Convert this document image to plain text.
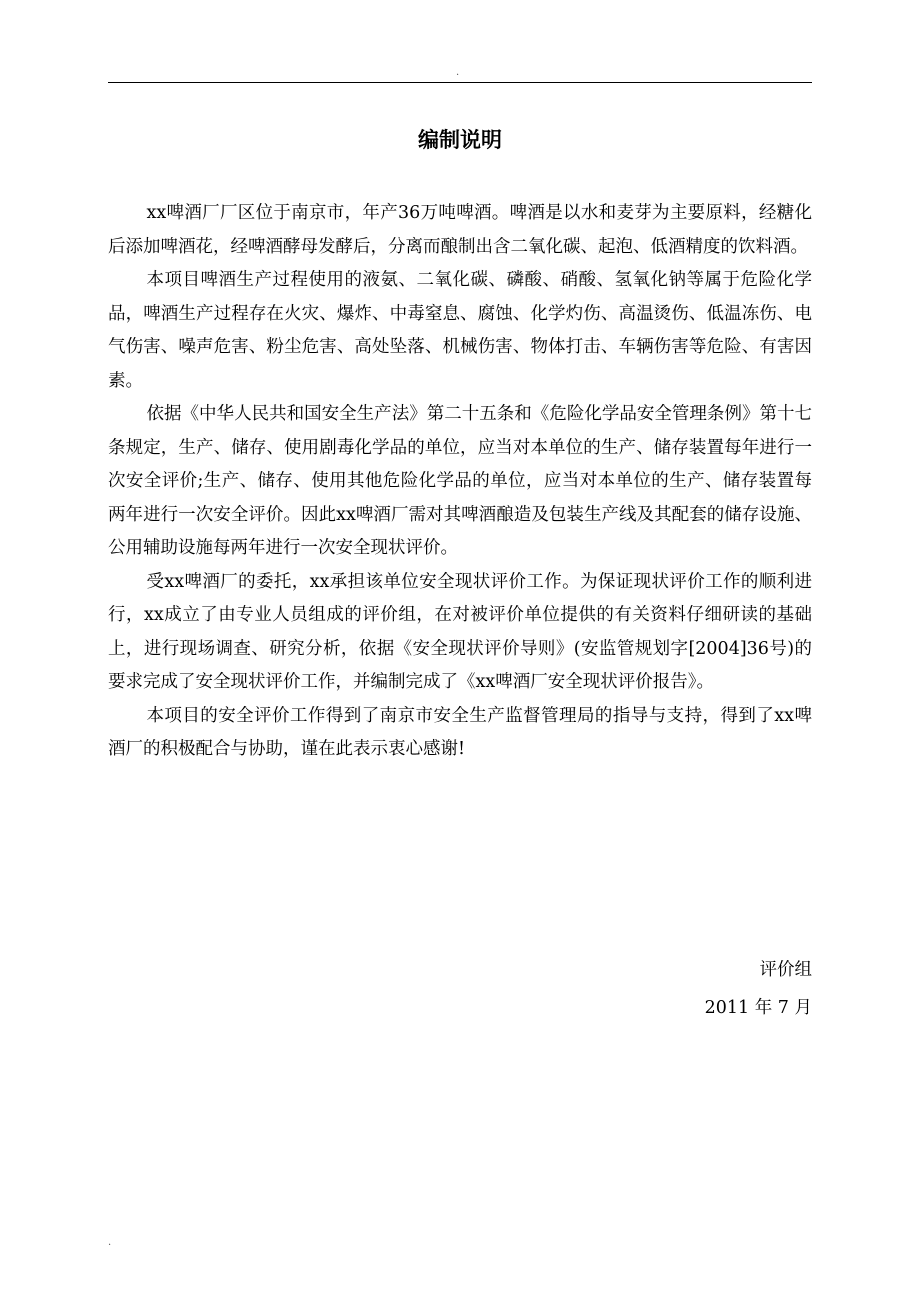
.
编制说明

xx啤酒厂厂区位于南京市，年产36万吨啤酒。啤酒是以水和麦芽为主要原料，经糖化后添加啤酒花，经啤酒酵母发酵后，分离而酿制出含二氧化碳、起泡、低酒精度的饮料酒。

本项目啤酒生产过程使用的液氨、二氧化碳、磷酸、硝酸、氢氧化钠等属于危险化学品，啤酒生产过程存在火灾、爆炸、中毒窒息、腐蚀、化学灼伤、高温烫伤、低温冻伤、电气伤害、噪声危害、粉尘危害、高处坠落、机械伤害、物体打击、车辆伤害等危险、有害因素。

依据《中华人民共和国安全生产法》第二十五条和《危险化学品安全管理条例》第十七条规定，生产、储存、使用剧毒化学品的单位，应当对本单位的生产、储存装置每年进行一次安全评价;生产、储存、使用其他危险化学品的单位，应当对本单位的生产、储存装置每两年进行一次安全评价。因此xx啤酒厂需对其啤酒酿造及包装生产线及其配套的储存设施、公用辅助设施每两年进行一次安全现状评价。

受xx啤酒厂的委托，xx承担该单位安全现状评价工作。为保证现状评价工作的顺利进行，xx成立了由专业人员组成的评价组，在对被评价单位提供的有关资料仔细研读的基础上，进行现场调查、研究分析，依据《安全现状评价导则》(安监管规划字[2004]36号)的要求完成了安全现状评价工作，并编制完成了《xx啤酒厂安全现状评价报告》。

本项目的安全评价工作得到了南京市安全生产监督管理局的指导与支持，得到了xx啤酒厂的积极配合与协助，谨在此表示衷心感谢!

评价组
2011 年 7 月
.
